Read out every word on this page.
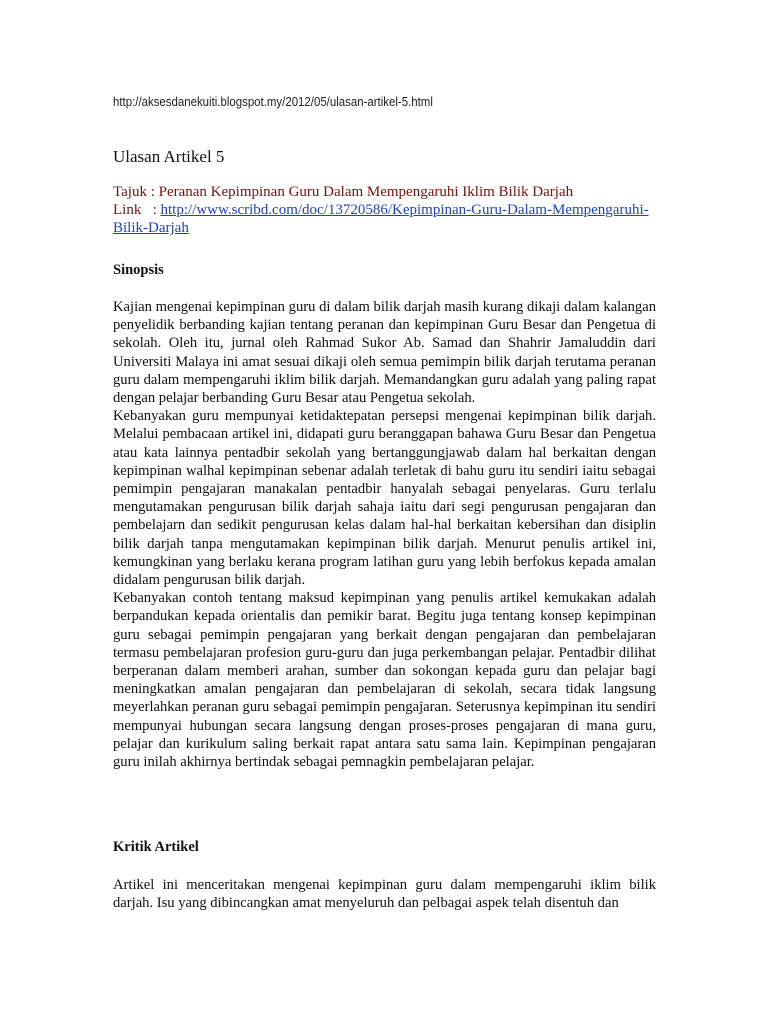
http://aksesdanekuiti.blogspot.my/2012/05/ulasan-artikel-5.html
Ulasan Artikel 5
Tajuk : Peranan Kepimpinan Guru Dalam Mempengaruhi Iklim Bilik Darjah
Link   : http://www.scribd.com/doc/13720586/Kepimpinan-Guru-Dalam-Mempengaruhi-
Bilik-Darjah
Sinopsis

Kajian mengenai kepimpinan guru di dalam bilik darjah masih kurang dikaji dalam kalangan penyelidik berbanding kajian tentang peranan dan kepimpinan Guru Besar dan Pengetua di sekolah. Oleh itu, jurnal oleh Rahmad Sukor Ab. Samad dan Shahrir Jamaluddin dari Universiti Malaya ini amat sesuai dikaji oleh semua pemimpin bilik darjah terutama peranan guru dalam mempengaruhi iklim bilik darjah. Memandangkan guru adalah yang paling rapat dengan pelajar berbanding Guru Besar atau Pengetua sekolah.

Kebanyakan guru mempunyai ketidaktepatan persepsi mengenai kepimpinan bilik darjah. Melalui pembacaan artikel ini, didapati guru beranggapan bahawa Guru Besar dan Pengetua atau kata lainnya pentadbir sekolah yang bertanggungjawab dalam hal berkaitan dengan kepimpinan walhal kepimpinan sebenar adalah terletak di bahu guru itu sendiri iaitu sebagai pemimpin pengajaran manakalan pentadbir hanyalah sebagai penyelaras. Guru terlalu mengutamakan pengurusan bilik darjah sahaja iaitu dari segi pengurusan pengajaran dan pembelajarn dan sedikit pengurusan kelas dalam hal-hal berkaitan kebersihan dan disiplin bilik darjah tanpa mengutamakan kepimpinan bilik darjah. Menurut penulis artikel ini, kemungkinan yang berlaku kerana program latihan guru yang lebih berfokus kepada amalan didalam pengurusan bilik darjah.

Kebanyakan contoh tentang maksud kepimpinan yang penulis artikel kemukakan adalah berpandukan kepada orientalis dan pemikir barat. Begitu juga tentang konsep kepimpinan guru sebagai pemimpin pengajaran yang berkait dengan pengajaran dan pembelajaran termasu pembelajaran profesion guru-guru dan juga perkembangan pelajar. Pentadbir dilihat berperanan dalam memberi arahan, sumber dan sokongan kepada guru dan pelajar bagi meningkatkan amalan pengajaran dan pembelajaran di sekolah, secara tidak langsung meyerlahkan peranan guru sebagai pemimpin pengajaran. Seterusnya kepimpinan itu sendiri mempunyai hubungan secara langsung dengan proses-proses pengajaran di mana guru, pelajar dan kurikulum saling berkait rapat antara satu sama lain. Kepimpinan pengajaran guru inilah akhirnya bertindak sebagai pemnagkin pembelajaran pelajar.

Kritik Artikel

Artikel ini menceritakan mengenai kepimpinan guru dalam mempengaruhi iklim bilik darjah. Isu yang dibincangkan amat menyeluruh dan pelbagai aspek telah disentuh dan
